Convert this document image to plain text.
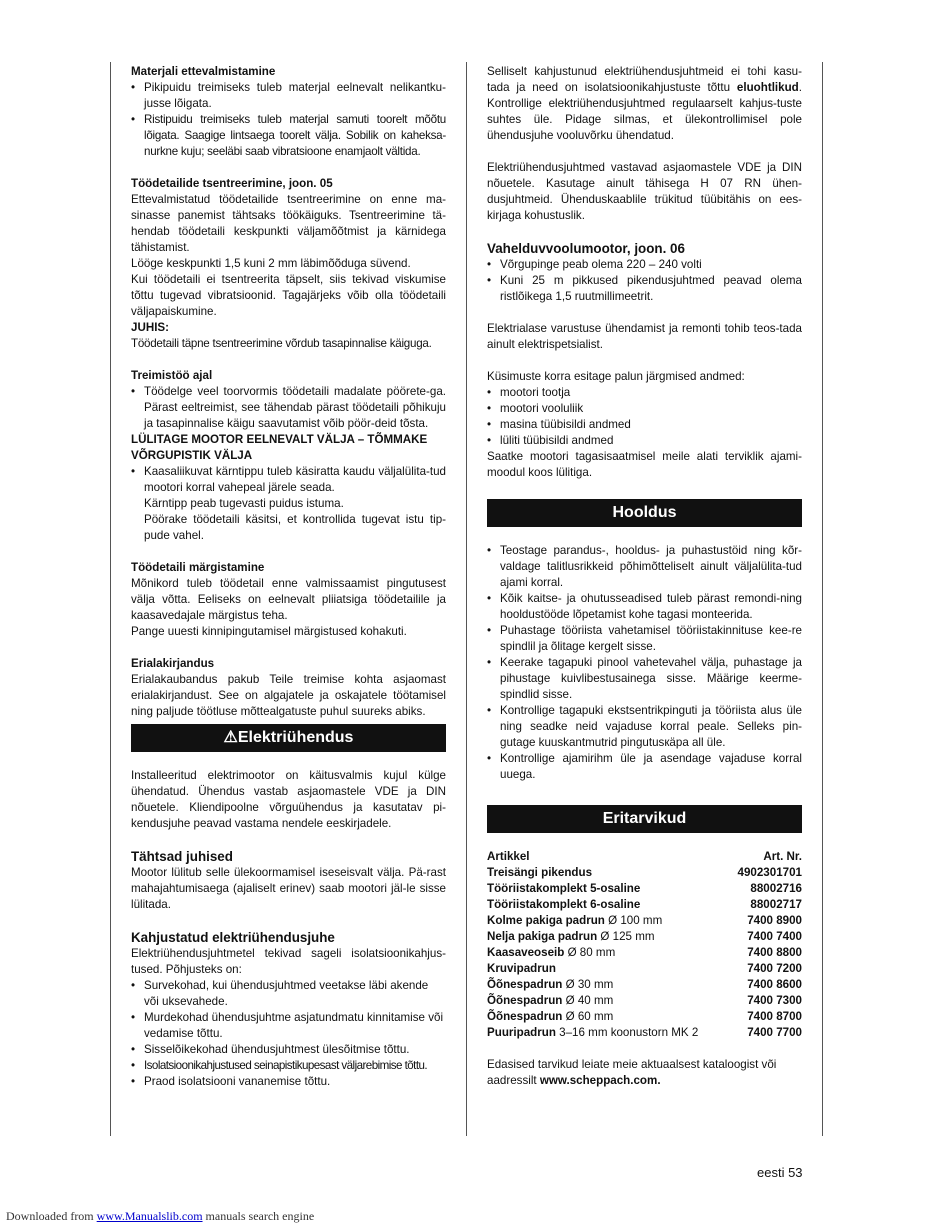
Materjali ettevalmistamine

• Pikipuidu treimiseks tuleb materjal eelnevalt nelikantku-jusse lõigata.
• Ristipuidu treimiseks tuleb materjal samuti toorelt mõõtu lõigata. Saagige lintsaega toorelt välja. Sobilik on kaheksa-nurkne kuju; seeläbi saab vibratsioone enamjaolt vältida.

Töödetailide tsentreerimine, joon. 05

Ettevalmistatud töödetailide tsentreerimine on enne ma-sinasse panemist tähtsaks töökäiguks. Tsentreerimine tä-hendab töödetaili keskpunkti väljamõõtmist ja kärnidega tähistamist.

Lööge keskpunkti 1,5 kuni 2 mm läbimõõduga süvend.

Kui töödetaili ei tsentreerita täpselt, siis tekivad viskumise tõttu tugevad vibratsioonid. Tagajärjeks võib olla töödetaili väljapaiskumine.

JUHIS:

Töödetaili täpne tsentreerimine võrdub tasapinnalise käiguga.

Treimistöö ajal

• Töödelge veel toorvormis töödetaili madalate pöörete-ga. Pärast eeltreimist, see tähendab pärast töödetaili põhikuju ja tasapinnalise käigu saavutamist võib pöör-deid tõsta.

LÜLITAGE MOOTOR EELNEVALT VÄLJA – TÕMMAKE VÕRGUPISTIK VÄLJA

• Kaasaliikuvat kärntippu tuleb käsiratta kaudu väljalülita-tud mootori korral vahepeal järele seada.
Kärntipp peab tugevasti puidus istuma.
Pöörake töödetaili käsitsi, et kontrollida tugevat istu tip-pude vahel.

Töödetaili märgistamine

Mõnikord tuleb töödetail enne valmissaamist pingutusest välja võtta. Eeliseks on eelnevalt pliiatsiga töödetailile ja kaasavedajale märgistus teha.

Pange uuesti kinnipingutamisel märgistused kohakuti.

Erialakirjandus

Erialakaubandus pakub Teile treimise kohta asjaomast erialakirjandust. See on algajatele ja oskajatele töötamisel ning paljude töötluse mõttealgatuste puhul suureks abiks.

⚠Elektriühendus

Installeeritud elektrimootor on käitusvalmis kujul külge ühendatud. Ühendus vastab asjaomastele VDE ja DIN nõuetele. Kliendipoolne võrguühendus ja kasutatav pi-kendusjuhe peavad vastama nendele eeskirjadele.

Tähtsad juhised

Mootor lülitub selle ülekoormamisel iseseisvalt välja. Pä-rast mahajahtumisaega (ajaliselt erinev) saab mootori jäl-le sisse lülitada.

Kahjustatud elektriühendusjuhe

Elektriühendusjuhtmetel tekivad sageli isolatsioonikahjus-tused. Põhjusteks on:

• Survekohad, kui ühendusjuhtmed veetakse läbi akende või uksevahede.
• Murdekohad ühendusjuhtme asjatundmatu kinnitamise või vedamise tõttu.
• Sisselõikekohad ühendusjuhtmest ülesõitmise tõttu.
• Isolatsioonikahjustused seinapistikupesast väljarebimise tõttu.
• Praod isolatsiooni vananemise tõttu.

Selliselt kahjustunud elektriühendusjuhtmeid ei tohi kasu-tada ja need on isolatsioonikahjustuste tõttu eluohtlikud. Kontrollige elektriühendusjuhtmed regulaarselt kahjus-tuste suhtes üle. Pidage silmas, et ülekontrollimisel pole ühendusjuhe vooluvõrku ühendatud.

Elektriühendusjuhtmed vastavad asjaomastele VDE ja DIN nõuetele. Kasutage ainult tähisega H 07 RN ühen-dusjuhtmeid. Ühenduskaablile trükitud tüübitähis on ees-kirjaga kohustuslik.

Vahelduvvoolumootor, joon. 06

• Võrgupinge peab olema 220 – 240 volti
• Kuni 25 m pikkused pikendusjuhtmed peavad olema ristlõikega 1,5 ruutmillimeetrit.

Elektrialase varustuse ühendamist ja remonti tohib teos-tada ainult elektrispetsialist.

Küsimuste korra esitage palun järgmised andmed:

• mootori tootja
• mootori vooluliik
• masina tüübisildi andmed
• lüliti tüübisildi andmed

Saatke mootori tagasisaatmisel meile alati terviklik ajami-moodul koos lülitiga.

Hooldus
• Teostage parandus-, hooldus- ja puhastustöid ning kõr-valdage talitlusrikkeid põhimõtteliselt ainult väljalülita-tud ajami korral.
• Kõik kaitse- ja ohutusseadised tuleb pärast remondi-ning hooldustööde lõpetamist kohe tagasi monteerida.
• Puhastage tööriista vahetamisel tööriistakinnituse kee-re spindlil ja õlitage kergelt sisse.
• Keerake tagapuki pinool vahetevahel välja, puhastage ja pihustage kuivlibestusainega sisse. Määrige keerme-spindlid sisse.
• Kontrollige tagapuki ekstsentrikpinguti ja tööriista alus üle ning seadke neid vajaduse korral peale. Selleks pin-gutage kuuskantmutrid pingutusкäpa all üle.
• Kontrollige ajamirihm üle ja asendage vajaduse korral uuega.
Eritarvikud
Artikkel	Art. Nr.
Treisängi pikendus	4902301701
Tööriistakomplekt 5-osaline	88002716
Tööriistakomplekt 6-osaline	88002717
Kolme pakiga padrun Ø 100 mm	7400 8900
Nelja pakiga padrun Ø 125 mm	7400 7400
Kaasaveoseib Ø 80 mm	7400 8800
Kruvipadrun	7400 7200
Õõnespadrun Ø 30 mm	7400 8600
Õõnespadrun Ø 40 mm	7400 7300
Õõnespadrun Ø 60 mm	7400 8700
Puuripadrun 3–16 mm koonustorn MK 2	7400 7700

Edasised tarvikud leiate meie aktuaalsest kataloogist või aadressilt www.scheppach.com.

eesti 53
Downloaded from www.Manualslib.com manuals search engine
